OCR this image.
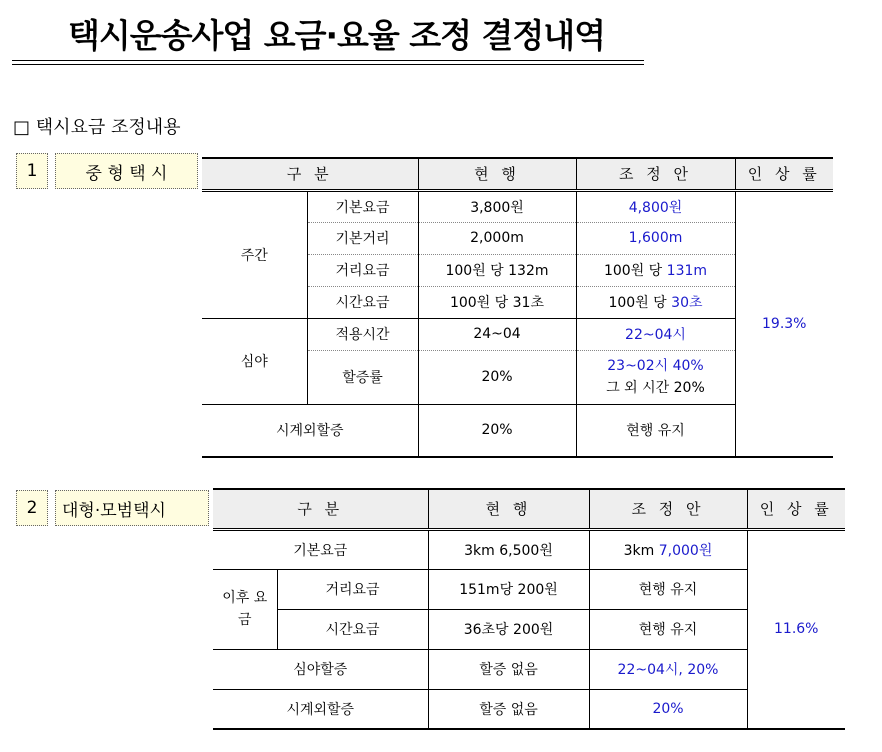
택시운송사업 요금·요율 조정 결정내역
□ 택시요금 조정내용
1	중 형 택 시	구 분		현 행	조 정 안	인 상 률
주간	기본요금	3,800원	4,800원	19.3%
	기본거리	2,000m	1,600m	
	거리요금	100원 당 132m	100원 당 131m	
	시간요금	100원 당 31초	100원 당 30초	
심야	적용시간	24~04	22~04시	
	할증률	20%	23~02시 40%
그 외 시간 20%	

시계외할증		20%	현행 유지	
2	대형·모범택시	구 분		현 행	조 정 안	인 상 률
기본요금		3km 6,500원	3km 7,000원	11.6%
이후 요금	거리요금	151m당 200원	현행 유지	
	시간요금	36초당 200원	현행 유지	
심야할증		할증 없음	22~04시, 20%	
시계외할증		할증 없음	20%	
